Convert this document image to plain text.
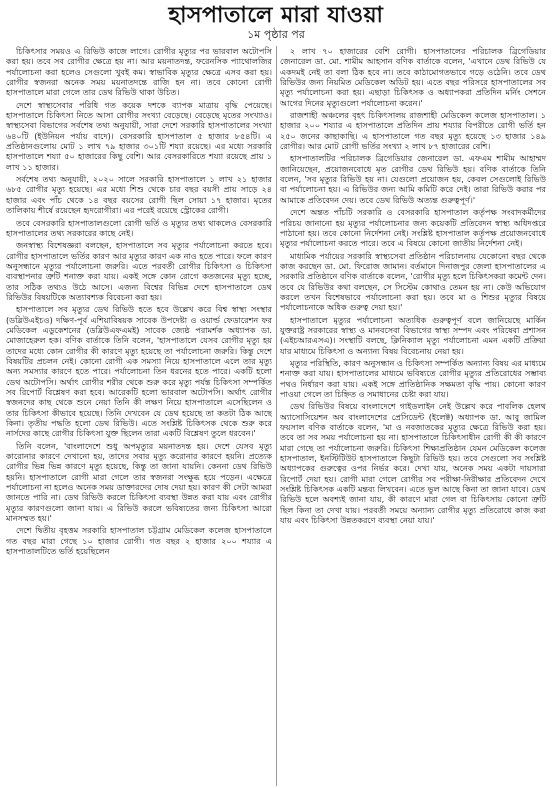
হাসপাতালে মারা যাওয়া
১ম পৃষ্ঠার পর

চিকিৎসার সময়ও এ রিভিউ কাজে লাগে। রোগীর মৃত্যুর পর ভারবাল অটোপসি করা হয়। তবে সব রোগীর ক্ষেত্রে হয় না। আর ময়নাতদন্ত, ফরেনসিক প্যাথোলজির পর্যালোচনা করা হলেও সেগুলো খুবই কম। স্বাভাবিক মৃত্যুর ক্ষেত্রে এসব করা হয়। রোগীর স্বজনরা অনেক সময় ময়নাতদন্তে রাজি হন না। তবে কোনো রোগী হাসপাতালে মারা গেলে তার ডেথ রিভিউ থাকা উচিত।

দেশে স্বাস্থ্যসেবার পরিধি গত কয়েক দশকে ব্যাপক মাত্রায় বৃদ্ধি পেয়েছে। হাসপাতালে চিকিৎসা নিতে আসা রোগীর সংখ্যা বেড়েছে। বেড়েছে মৃতের সংখ্যাও। স্বাস্থ্যসেবা বিভাগের সর্বশেষ তথ্য অনুযায়ী, সারা দেশে সরকারি হাসপাতালের সংখ্যা ৬৪০টি (ইউনিয়ন পর্যায় বাদে)। বেসরকারি হাসপাতাল ৫ হাজার ৮৫৪টি। এ প্রতিষ্ঠানগুলোয় মোট ১ লাখ ৭৯ হাজার ৩০১টি শয্যা রয়েছে। এর মধ্যে সরকারি হাসপাতালে শয্যা ৫০ হাজারের কিছু বেশি। আর বেসরকারিতে শয্যা রয়েছে প্রায় ১ লাখ ১১ হাজার।

সর্বশেষ তথ্য অনুযায়ী, ২০২০ সালে সরকারি হাসপাতালে ১ লাখ ২১ হাজার ৬৮৫ রোগীর মৃত্যু হয়েছে। এর মধ্যে শিশু থেকে চার বছর বয়সী প্রায় সাড়ে ২৪ হাজার এবং পাঁচ থেকে ১৪ বছর বয়সের রোগী ছিল সোয়া ১৭ হাজার। মৃতের তালিকায় শীর্ষে রয়েছেন হৃদরোগীরা। এর পরেই রয়েছে স্ট্রোকের রোগী।

তবে বেসরকারি হাসপাতালগুলো রোগী ভর্তি ও মৃত্যুর তথ্য থাকলেও বেসরকারি হাসপাতালের তথ্য সরকারের কাছে নেই।

জনস্বাস্থ্য বিশেষজ্ঞরা বলছেন, হাসপাতালে সব মৃত্যুর পর্যালোচনা করতে হবে। রোগীর হাসপাতালে ভর্তির কারণ আর মৃত্যুর কারণ এক নাও হতে পারে। ফলে কারণ অনুসন্ধানে মৃত্যুর পর্যালোচনা জরুরি। এতে পরবর্তী রোগীর চিকিৎসা ও চিকিৎসা ব্যবস্থাপনার ত্রুটি শনাক্ত করা যায়। একই সঙ্গে কোন রোগে কতজনের মৃত্যু হচ্ছে, তার সঠিক তথ্যও উঠে আসে। এজন্য বিশ্বের বিভিন্ন দেশে হাসপাতালে ডেথ রিভিউর বিষয়টিকে অত্যাবশ্যক বিবেচনা করা হয়।

হাসপাতালে সব মৃত্যুর ডেথ রিভিউ হতে হবে উল্লেখ করে বিশ্ব স্বাস্থ্য সংস্থার (ডব্লিউএইচও) দক্ষিণ-পূর্ব এশিয়াবিষয়ক সাবেক উপদেষ্টা ও ওয়ার্ল্ড ফেডারেশন ফর মেডিকেল এডুকেশনের (ডব্লিউএফএমই) সাবেক জ্যেষ্ঠ পরামর্শক অধ্যাপক ডা. মোজাহেরুল হক। বণিক বার্তাকে তিনি বলেন, 'হাসপাতালে যেসব রোগীর মৃত্যু হয় তাদের মধ্যে কোন রোগীর কী কারণে মৃত্যু হয়েছে তা পর্যালোচনা জরুরি। কিন্তু দেশে বিষয়টির প্রচলন নেই। কোনো রোগী এক সমস্যা নিয়ে হাসপাতালে এলে তার মৃত্যু অন্য সমস্যার কারণে হতে পারে। পর্যালোচনা তিন ধরনের হতে পারে। একটি হলো ডেথ অটোপসি। অর্থাৎ রোগীর শরীর থেকে শুরু করে মৃত্যু পর্যন্ত চিকিৎসা সম্পর্কিত সব রিপোর্ট বিশ্লেষণ করা হবে। আরেকটি হলো ভারবাল অটোপসি। অর্থাৎ রোগীর স্বজনদের কাছ থেকে শুনে নেয়া তিনি কী লক্ষণ নিয়ে হাসপাতালে এসেছিলেন ও তার চিকিৎসা কীভাবে হয়েছে। তিনি দেখবেন যে ডেথ হয়েছে তা কতটা ঠিক আছে কিনা। তৃতীয় পদ্ধতি হলো ডেথ রিভিউ। এতে সংশ্লিষ্ট চিকিৎসক থেকে শুরু করে নার্সদের কাছে রোগীর চিকিৎসা যুক্ত ছিলেন তারা একটি বিশ্লেষণ তুলে ধরবেন।'

তিনি বলেন, 'বাংলাদেশে শুধু অপমৃত্যুর ময়নাতদন্ত হয়। দেশে যেসব মৃত্যু কারোনার কারণে দেখানো হয়, তাদের সবার মৃত্যু করোনার কারণে হয়নি। প্রত্যেক রোগীর ভিন্ন ভিন্ন কারণে মৃত্যু হয়েছে, কিন্তু তা জানা যায়নি। কেননা ডেথ রিভিউ হয়নি। হাসপাতালে রোগী মারা গেলে তার স্বজনরা সংক্ষুব্ধ হয়ে পড়েন। এক্ষেত্রে পর্যালোচনা না হলেও অনেক সময় ডাক্তারদের দোষ দেয়া হয়। কারণ কী সেটা আমরা জানতে পারি না। ডেথ রিভিউ করলে চিকিৎসা ব্যবস্থা উন্নত করা যায় এবং রোগীর মৃত্যুর কারণগুলো জানা যায়। এ রিভিউ করলে ভবিষ্যতের জন্য চিকিৎসা আরো মানসম্মত হয়।'

দেশে দ্বিতীয় বৃহত্তম সরকারি হাসপাতাল চট্টগ্রাম মেডিকেল কলেজ হাসপাতালে গত বছর মারা গেছে ১০ হাজার রোগী। গত বছর ২ হাজার ২০০ শয্যার এ হাসপাতালটিতে ভর্তি হয়েছিলেন

২ লাখ ৭০ হাজারের বেশি রোগী। হাসপাতালের পরিচালক ব্রিগেডিয়ার জেনারেল ডা. মো. শামীম আহসান বণিক বার্তাকে বলেন, 'এখানে ডেথ রিভিউ যে একদমই নেই তা বলা ঠিক হবে না। তবে কাঠামোগতভাবে গড়ে ওঠেনি। তবে ডেথ রিভিউর জন্য নিয়মিত মেডিকেল অডিট হয়। এতে বছর পরিসরে হাসপাতালের সব মৃত্যু পর্যালোচনা করা হয়। এছাড়া চিকিৎসক ও অধ্যাপকরা প্রতিদিন মর্নিং সেশনে আগের দিনের মৃত্যুগুলো পর্যালোচনা করেন।'

রাজশাহী অঞ্চলের বৃহৎ চিকিৎসালয় রাজশাহী মেডিকেল কলেজ হাসপাতাল। ১ হাজার ২০০ শয্যার এ হাসপাতালে প্রতিদিন প্রায় শয্যার বিপরীতে রোগী ভর্তি হন ২৫০ জনের কাছাকাছি। এ হাসপাতালে গত বছর মৃত্যু হয়েছে ১৩ হাজার ১৪৯ রোগীর। আর মোট রোগী ভর্তির সংখ্যা ২ লাখ ৮৭ হাজারের বেশি।

হাসপাতালটির পরিচালক ব্রিগেডিয়ার জেনারেল ডা. এফএম শামীম আহাম্মদ জানিয়েছেন, প্রয়োজনবোধে মৃত রোগীর ডেথ রিভিউ হয়। বণিক বার্তাকে তিনি বলেন, 'সব মৃত্যুর রিভিউ হয় না। যেগুলো প্রয়োজন হয়, কেবল সেগুলোই রিভিউ বা পর্যালোচনা হয়। এ রিভিউর জন্য আমি কমিটি করে দেই। তারা রিভিউ করার পর আমাকে প্রতিবেদন দেয়। তবে ডেথ রিভিউ অত্যন্ত গুরুত্বপূর্ণ।'

দেশে অন্তত পাঁচটি সরকারি ও বেসরকারি হাসপাতাল কর্তৃপক্ষ সংবাদকর্মীদের পরিচয় জানানো হয় মৃত্যুর পর্যালোচনার জন্য কয়েকটি প্রতিবেদন স্বাস্থ্য অধিদপ্তরে পাঠানো হয়। তবে কোনো নির্দেশনা নেই। সংশ্লিষ্ট হাসপাতাল কর্তৃপক্ষ প্রয়োজনবোধে মৃত্যুর পর্যালোচনা করতে পারে। তবে এ বিষয়ে কোনো জাতীয় নির্দেশনা নেই।

মাধ্যমিক পর্যায়ের সরকারি স্বাস্থ্যসেবা প্রতিষ্ঠান পরিচালনায় যেকোনো বছর থেকে কাজ করছেন ডা. মো. ফিরোজ জামান। বর্তমানে দিনাজপুর জেলা হাসপাতালের এ সরকারি প্রতিষ্ঠানে বণিক বার্তাকে বলেন, 'রোগীর মৃত্যু হলে চিকিৎসকরা কমেন্ট দেন। তবে যে রিভিউর কথা বলছেন, সে সিস্টেম কোথাও তেমন হয় না। কেউ অভিযোগ করলে তখন বিশেষভাবে পর্যালোচনা করা হয়। তবে মা ও শিশুর মৃত্যুর বিষয়ে পর্যালোচনাকে অধিক গুরুত্ব দেয়া হয়।'

হাসপাতালে মৃত্যুর পর্যালোচনা অত্যধিক গুরুত্বপূর্ণ বলে জানিয়েছে মার্কিন যুক্তরাষ্ট্র সরকারের স্বাস্থ্য ও মানবসেবা বিভাগের স্বাস্থ্য সম্পদ এবং পরিষেবা প্রশাসন (এইচআরএসএ)। সংস্থাটি বলছে, ক্লিনিক্যাল মৃত্যু পর্যালোচনা এমন একটি প্রক্রিয়া যার মাধ্যমে চিকিৎসা ও অন্যান্য বিষয় বিবেচনায় নেয়া হয়।

মৃত্যুর পরিস্থিতি, কারণ অনুসন্ধান ও চিকিৎসা সম্পর্কিত অন্যান্য বিষয় এর মাধ্যমে শনাক্ত করা যায়। হাসপাতালের মাধ্যমে ভবিষ্যতে রোগীর মৃত্যুর প্রতিরোধের সম্ভাব্য পথও নির্ধারণ করা যায়। একই সঙ্গে প্রাতিষ্ঠানিক সক্ষমতা বৃদ্ধি পায়। কোনো কারণ পাওয়া গেলে তা চিহ্নিত ও সমাধানের চেষ্টা করা যায়।

ডেথ রিভিউর বিষয়ে বাংলাদেশে গাইডলাইন নেই উল্লেখ করে পাবলিক হেলথ অ্যাসোসিয়েশন অব বাংলাদেশের প্রেসিডেন্ট (ইলেক্ট) অধ্যাপক ডা. আবু জামিল ফয়সাল বণিক বার্তাকে বলেন, 'মা ও নবজাতকের মৃত্যুর ক্ষেত্রে রিভিউ করা হয়। তবে তা সব সময় পর্যালোচনা হয় না। হাসপাতালে চিকিৎসাধীন রোগী কী কী কারণে মারা গেছে তা পর্যালোচনা জরুরি। চিকিৎসা শিক্ষাপ্রতিষ্ঠান যেমন মেডিকেল কলেজ হাসপাতাল, ইনস্টিটিউট হাসপাতালে কিছুটা রিভিউ হয়। তবে সেগুলো সব সংশ্লিষ্ট অধ্যাপকের গুরুত্বের ওপর নির্ভর করে। দেখা যায়, অনেক সময় একটা দায়সারা রিপোর্ট দেয়া হয়। রোগী মারা গেলে রোগীর সব পরীক্ষা-নিরীক্ষার প্রতিবেদন দেখে সংশ্লিষ্ট চিকিৎসক একটি মন্তব্য লিখবেন। এতে ভুল আছে কিনা তা জানা যাবে। ডেথ রিভিউ হলে অবশ্যই জানা যায়, কী কারণে মারা গেল বা চিকিৎসায় কোনো ত্রুটি ছিল কিনা তা দেখা যায়। পরবর্তী সময়ে অন্যান্য রোগীর মৃত্যু প্রতিরোধে কাজ করা যায় এবং চিকিৎসা উন্নতকরণে ব্যবস্থা নেয়া যায়।'
